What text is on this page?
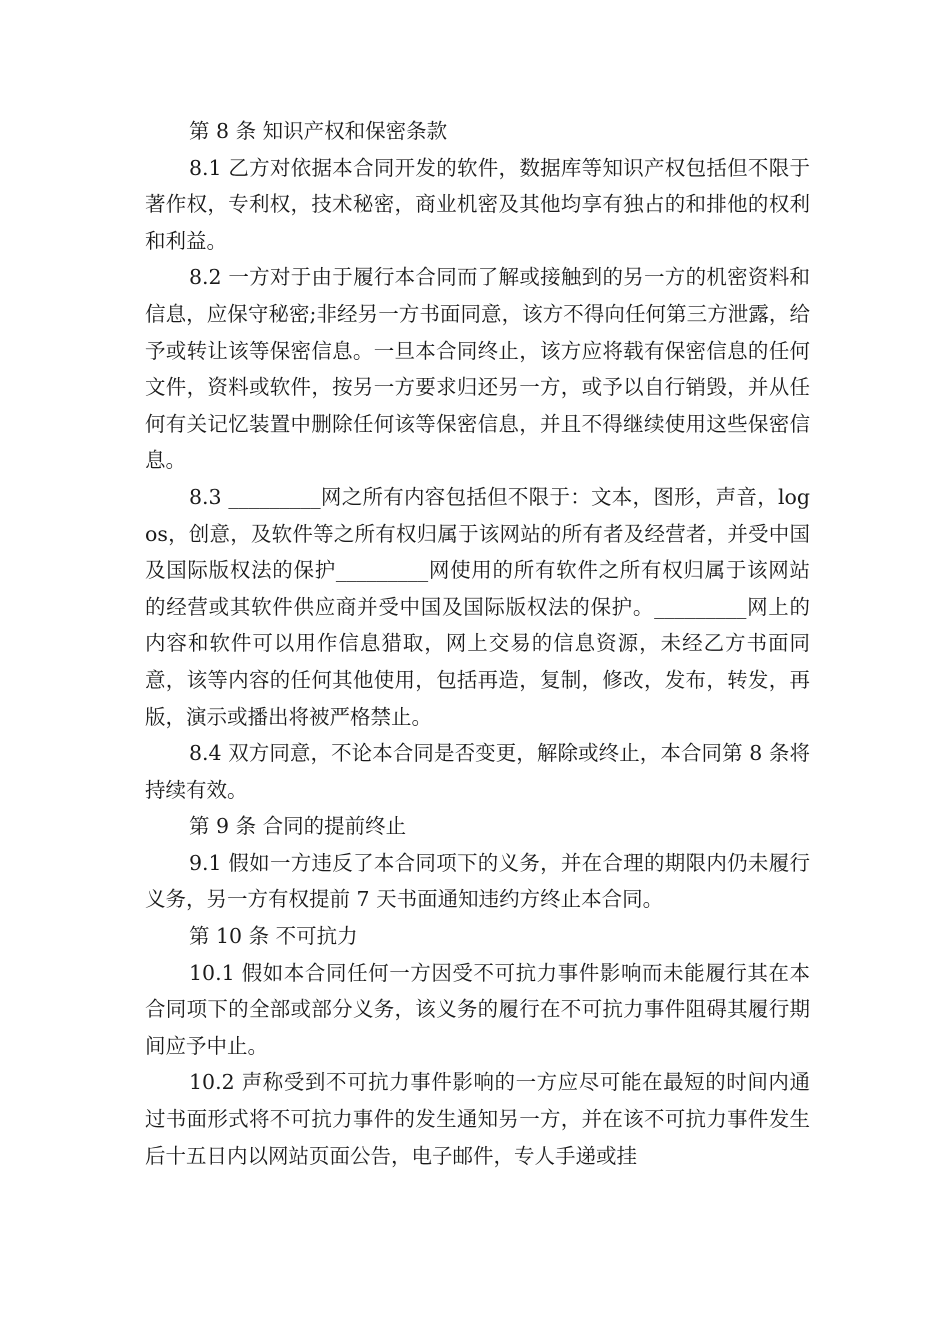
第 8 条 知识产权和保密条款

8.1 乙方对依据本合同开发的软件，数据库等知识产权包括但不限于著作权，专利权，技术秘密，商业机密及其他均享有独占的和排他的权利和利益。

8.2 一方对于由于履行本合同而了解或接触到的另一方的机密资料和信息，应保守秘密;非经另一方书面同意，该方不得向任何第三方泄露，给予或转让该等保密信息。一旦本合同终止，该方应将载有保密信息的任何文件，资料或软件，按另一方要求归还另一方，或予以自行销毁，并从任何有关记忆装置中删除任何该等保密信息，并且不得继续使用这些保密信息。

8.3 _________网之所有内容包括但不限于：文本，图形，声音，logos，创意，及软件等之所有权归属于该网站的所有者及经营者，并受中国及国际版权法的保护_________网使用的所有软件之所有权归属于该网站的经营或其软件供应商并受中国及国际版权法的保护。_________网上的内容和软件可以用作信息猎取，网上交易的信息资源，未经乙方书面同意，该等内容的任何其他使用，包括再造，复制，修改，发布，转发，再版，演示或播出将被严格禁止。

8.4 双方同意，不论本合同是否变更，解除或终止，本合同第 8 条将持续有效。

第 9 条 合同的提前终止

9.1 假如一方违反了本合同项下的义务，并在合理的期限内仍未履行义务，另一方有权提前 7 天书面通知违约方终止本合同。

第 10 条 不可抗力

10.1 假如本合同任何一方因受不可抗力事件影响而未能履行其在本合同项下的全部或部分义务，该义务的履行在不可抗力事件阻碍其履行期间应予中止。

10.2 声称受到不可抗力事件影响的一方应尽可能在最短的时间内通过书面形式将不可抗力事件的发生通知另一方，并在该不可抗力事件发生后十五日内以网站页面公告，电子邮件，专人手递或挂
